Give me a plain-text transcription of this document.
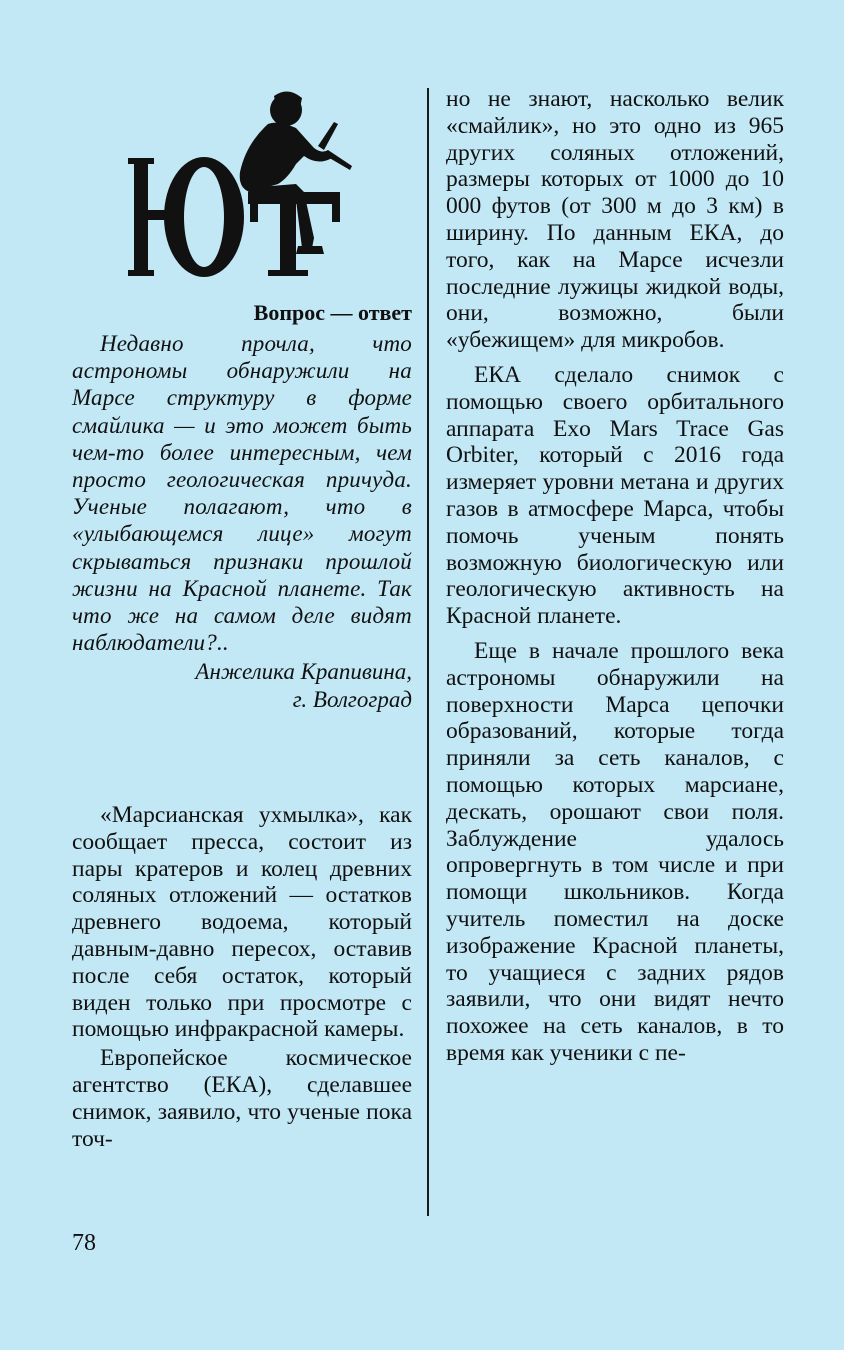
Вопрос — ответ

Недавно прочла, что астрономы обнаружили на Марсе структуру в форме смайлика — и это может быть чем-то более интересным, чем просто геологическая причуда. Ученые полагают, что в «улыбающемся лице» могут скрываться признаки прошлой жизни на Красной планете. Так что же на самом деле видят наблюдатели?..

Анжелика Крапивина,
г. Волгоград

«Марсианская ухмылка», как сообщает пресса, состоит из пары кратеров и колец древних соляных отложений — остатков древнего водоема, который давным-давно пересох, оставив после себя остаток, который виден только при просмотре с помощью инфракрасной камеры.

Европейское космическое агентство (ЕКА), сделавшее снимок, заявило, что ученые пока точ-

но не знают, насколько велик «смайлик», но это одно из 965 других соляных отложений, размеры которых от 1000 до 10 000 футов (от 300 м до 3 км) в ширину. По данным ЕКА, до того, как на Марсе исчезли последние лужицы жидкой воды, они, возможно, были «убежищем» для микробов.

ЕКА сделало снимок с помощью своего орбитального аппарата Exo Mars Trace Gas Orbiter, который с 2016 года измеряет уровни метана и других газов в атмосфере Марса, чтобы помочь ученым понять возможную биологическую или геологическую активность на Красной планете.

Еще в начале прошлого века астрономы обнаружили на поверхности Марса цепочки образований, которые тогда приняли за сеть каналов, с помощью которых марсиане, дескать, орошают свои поля. Заблуждение удалось опровергнуть в том числе и при помощи школьников. Когда учитель поместил на доске изображение Красной планеты, то учащиеся с задних рядов заявили, что они видят нечто похожее на сеть каналов, в то время как ученики с пе-

78
